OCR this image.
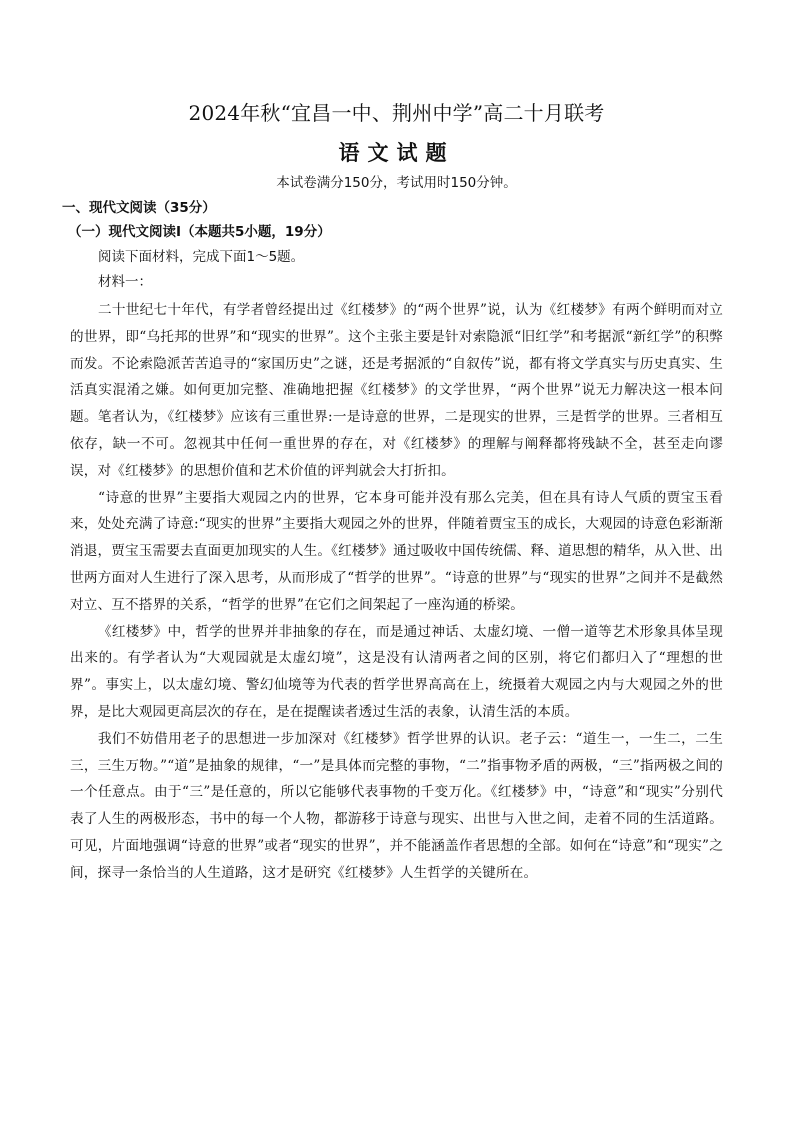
2024年秋“宜昌一中、荆州中学”高二十月联考
语文试题

本试卷满分150分，考试用时150分钟。

一、现代文阅读（35分）

（一）现代文阅读Ⅰ（本题共5小题，19分）

阅读下面材料，完成下面1～5题。

材料一：

二十世纪七十年代，有学者曾经提出过《红楼梦》的“两个世界”说，认为《红楼梦》有两个鲜明而对立的世界，即“乌托邦的世界”和“现实的世界”。这个主张主要是针对索隐派“旧红学”和考据派“新红学”的积弊而发。不论索隐派苦苦追寻的“家国历史”之谜，还是考据派的“自叙传”说，都有将文学真实与历史真实、生活真实混淆之嫌。如何更加完整、准确地把握《红楼梦》的文学世界，“两个世界”说无力解决这一根本问题。笔者认为，《红楼梦》应该有三重世界:一是诗意的世界，二是现实的世界，三是哲学的世界。三者相互依存，缺一不可。忽视其中任何一重世界的存在，对《红楼梦》的理解与阐释都将残缺不全，甚至走向谬误，对《红楼梦》的思想价值和艺术价值的评判就会大打折扣。

“诗意的世界”主要指大观园之内的世界，它本身可能并没有那么完美，但在具有诗人气质的贾宝玉看来，处处充满了诗意:“现实的世界”主要指大观园之外的世界，伴随着贾宝玉的成长，大观园的诗意色彩渐渐消退，贾宝玉需要去直面更加现实的人生。《红楼梦》通过吸收中国传统儒、释、道思想的精华，从入世、出世两方面对人生进行了深入思考，从而形成了“哲学的世界”。“诗意的世界”与“现实的世界”之间并不是截然对立、互不搭界的关系，“哲学的世界”在它们之间架起了一座沟通的桥梁。

《红楼梦》中，哲学的世界并非抽象的存在，而是通过神话、太虚幻境、一僧一道等艺术形象具体呈现出来的。有学者认为“大观园就是太虚幻境”，这是没有认清两者之间的区别，将它们都归入了“理想的世界”。事实上，以太虚幻境、警幻仙境等为代表的哲学世界高高在上，统摄着大观园之内与大观园之外的世界，是比大观园更高层次的存在，是在提醒读者透过生活的表象，认清生活的本质。

我们不妨借用老子的思想进一步加深对《红楼梦》哲学世界的认识。老子云：“道生一，一生二，二生三，三生万物。”“道”是抽象的规律，“一”是具体而完整的事物，“二”指事物矛盾的两极，“三”指两极之间的一个任意点。由于“三”是任意的，所以它能够代表事物的千变万化。《红楼梦》中，“诗意”和“现实”分别代表了人生的两极形态，书中的每一个人物，都游移于诗意与现实、出世与入世之间，走着不同的生活道路。可见，片面地强调“诗意的世界”或者“现实的世界”，并不能涵盖作者思想的全部。如何在“诗意”和“现实”之间，探寻一条恰当的人生道路，这才是研究《红楼梦》人生哲学的关键所在。
